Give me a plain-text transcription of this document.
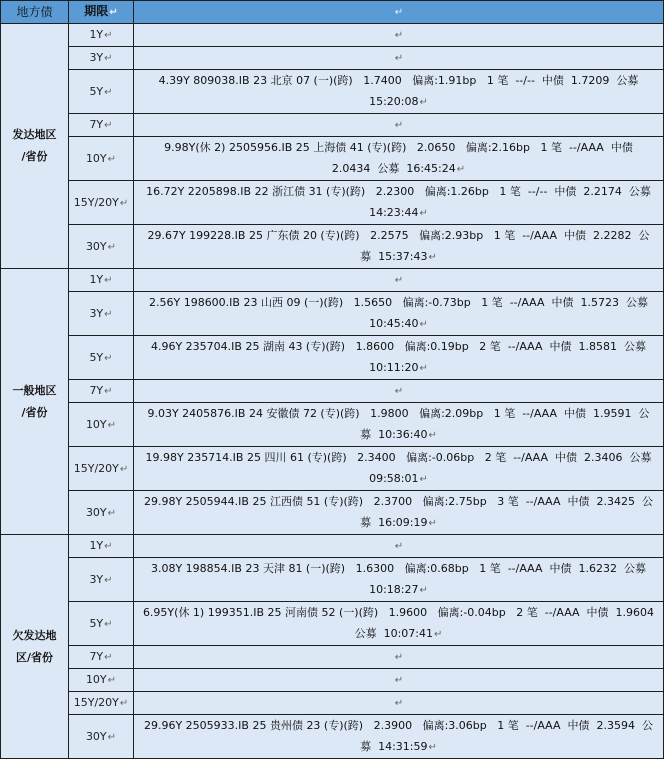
地方债	期限↵	↵

发达地区
/省份	1Y↵	↵
	3Y↵	↵
	5Y↵	4.39Y 809038.IB 23 北京 07 (一)(跨)   1.7400   偏离:1.91bp   1 笔  --/--  中债  1.7209  公募  15:20:08↵
	7Y↵	↵
	10Y↵	9.98Y(休 2) 2505956.IB 25 上海债 41 (专)(跨)   2.0650   偏离:2.16bp   1 笔  --/AAA  中债  2.0434  公募  16:45:24↵
	15Y/20Y↵	16.72Y 2205898.IB 22 浙江债 31 (专)(跨)   2.2300   偏离:1.26bp   1 笔  --/--  中债  2.2174  公募  14:23:44↵
	30Y↵	29.67Y 199228.IB 25 广东债 20 (专)(跨)   2.2575   偏离:2.93bp   1 笔  --/AAA  中债  2.2282  公募  15:37:43↵

一般地区
/省份	1Y↵	↵
	3Y↵	2.56Y 198600.IB 23 山西 09 (一)(跨)   1.5650   偏离:-0.73bp   1 笔  --/AAA  中债  1.5723  公募  10:45:40↵
	5Y↵	4.96Y 235704.IB 25 湖南 43 (专)(跨)   1.8600   偏离:0.19bp   2 笔  --/AAA  中债  1.8581  公募  10:11:20↵
	7Y↵	↵
	10Y↵	9.03Y 2405876.IB 24 安徽债 72 (专)(跨)   1.9800   偏离:2.09bp   1 笔  --/AAA  中债  1.9591  公募  10:36:40↵
	15Y/20Y↵	19.98Y 235714.IB 25 四川 61 (专)(跨)   2.3400   偏离:-0.06bp   2 笔  --/AAA  中债  2.3406  公募  09:58:01↵
	30Y↵	29.98Y 2505944.IB 25 江西债 51 (专)(跨)   2.3700   偏离:2.75bp   3 笔  --/AAA  中债  2.3425  公募  16:09:19↵

欠发达地
区/省份	1Y↵	↵
	3Y↵	3.08Y 198854.IB 23 天津 81 (一)(跨)   1.6300   偏离:0.68bp   1 笔  --/AAA  中债  1.6232  公募  10:18:27↵
	5Y↵	6.95Y(休 1) 199351.IB 25 河南债 52 (一)(跨)   1.9600   偏离:-0.04bp   2 笔  --/AAA  中债  1.9604  公募  10:07:41↵
	7Y↵	↵
	10Y↵	↵
	15Y/20Y↵	↵
	30Y↵	29.96Y 2505933.IB 25 贵州债 23 (专)(跨)   2.3900   偏离:3.06bp   1 笔  --/AAA  中债  2.3594  公募  14:31:59↵
